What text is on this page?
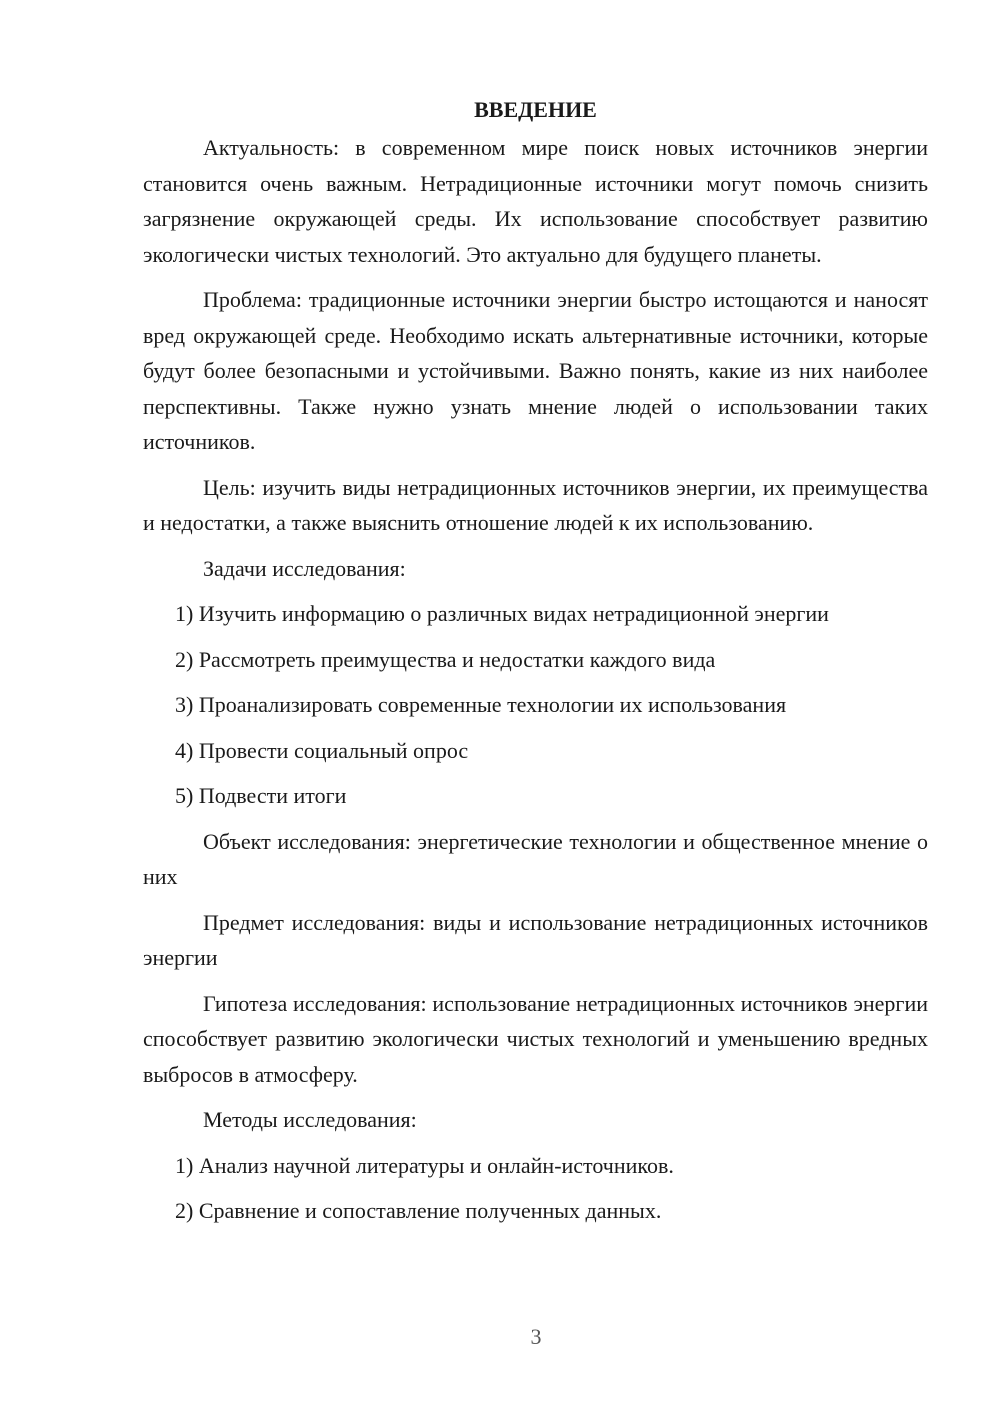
ВВЕДЕНИЕ

Актуальность: в современном мире поиск новых источников энергии становится очень важным. Нетрадиционные источники могут помочь снизить загрязнение окружающей среды. Их использование способствует развитию экологически чистых технологий. Это актуально для будущего планеты.

Проблема: традиционные источники энергии быстро истощаются и наносят вред окружающей среде. Необходимо искать альтернативные источники, которые будут более безопасными и устойчивыми. Важно понять, какие из них наиболее перспективны. Также нужно узнать мнение людей о использовании таких источников.

Цель: изучить виды нетрадиционных источников энергии, их преимущества и недостатки, а также выяснить отношение людей к их использованию.

Задачи исследования:

1) Изучить информацию о различных видах нетрадиционной энергии
2) Рассмотреть преимущества и недостатки каждого вида
3) Проанализировать современные технологии их использования
4) Провести социальный опрос
5) Подвести итоги

Объект исследования: энергетические технологии и общественное мнение о них

Предмет исследования: виды и использование нетрадиционных источников энергии

Гипотеза исследования: использование нетрадиционных источников энергии способствует развитию экологически чистых технологий и уменьшению вредных выбросов в атмосферу.

Методы исследования:

1) Анализ научной литературы и онлайн-источников.
2) Сравнение и сопоставление полученных данных.
3
